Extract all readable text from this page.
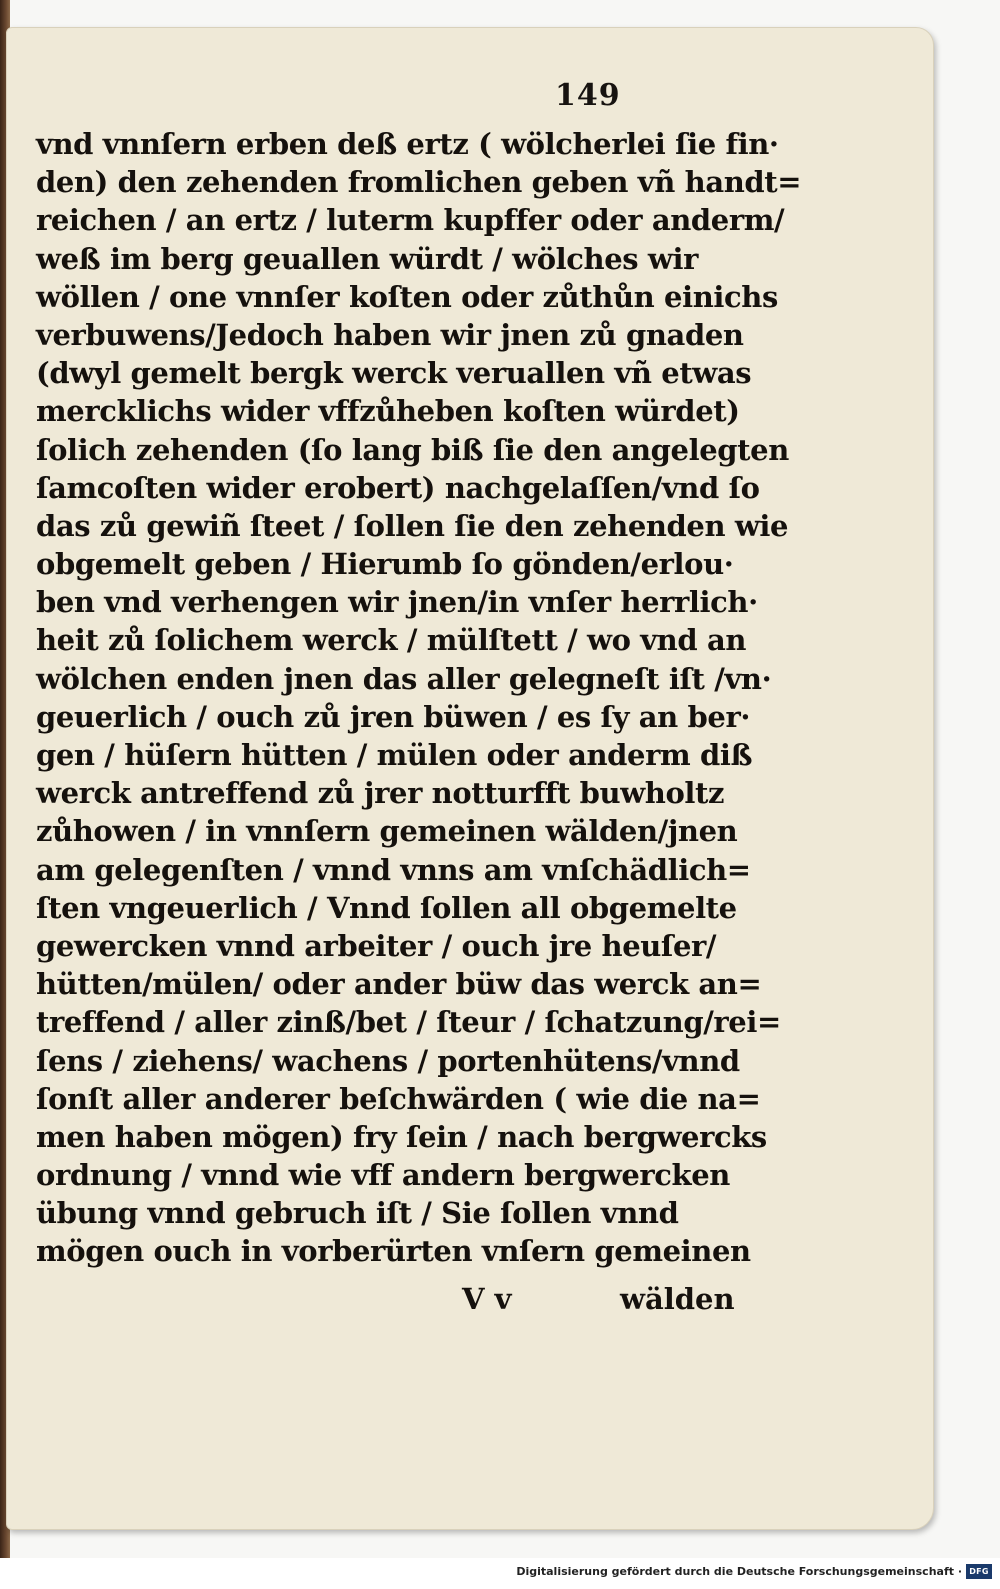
149
vnd vnnſern erben deß ertz ( wölcherlei ſie fin·
den) den zehenden fromlichen geben vñ handt=
reichen / an ertz / luterm kupffer oder anderm/
weß im berg geuallen würdt / wölches wir
wöllen / one vnnſer koſten oder zůthůn einichs
verbuwens/Jedoch haben wir jnen zů gnaden
(dwyl gemelt bergk werck veruallen vñ etwas
mercklichs wider vffzůheben koſten würdet)
ſolich zehenden (ſo lang biß ſie den angelegten
ſamcoſten wider erobert) nachgelaſſen/vnd ſo
das zů gewiñ ſteet / ſollen ſie den zehenden wie
obgemelt geben / Hierumb ſo gönden/erlou·
ben vnd verhengen wir jnen/in vnſer herrlich·
heit zů ſolichem werck / mülſtett / wo vnd an
wölchen enden jnen das aller gelegneſt iſt /vn·
geuerlich / ouch zů jren büwen / es ſy an ber·
gen / hüſern hütten / mülen oder anderm diß
werck antreffend zů jrer notturfft buwholtz
zůhowen / in vnnſern gemeinen wälden/jnen
am gelegenſten / vnnd vnns am vnſchädlich=
ſten vngeuerlich / Vnnd ſollen all obgemelte
gewercken vnnd arbeiter / ouch jre heuſer/
hütten/mülen/ oder ander büw das werck an=
treffend / aller zinß/bet / ſteur / ſchatzung/rei=
ſens / ziehens/ wachens / portenhütens/vnnd
ſonſt aller anderer beſchwärden ( wie die na=
men haben mögen) fry ſein / nach bergwercks
ordnung / vnnd wie vff andern bergwercken
übung vnnd gebruch iſt / Sie ſollen vnnd
mögen ouch in vorberürten vnſern gemeinen
V v	wälden
Digitalisierung gefördert durch die Deutsche Forschungsgemeinschaft · DFG
